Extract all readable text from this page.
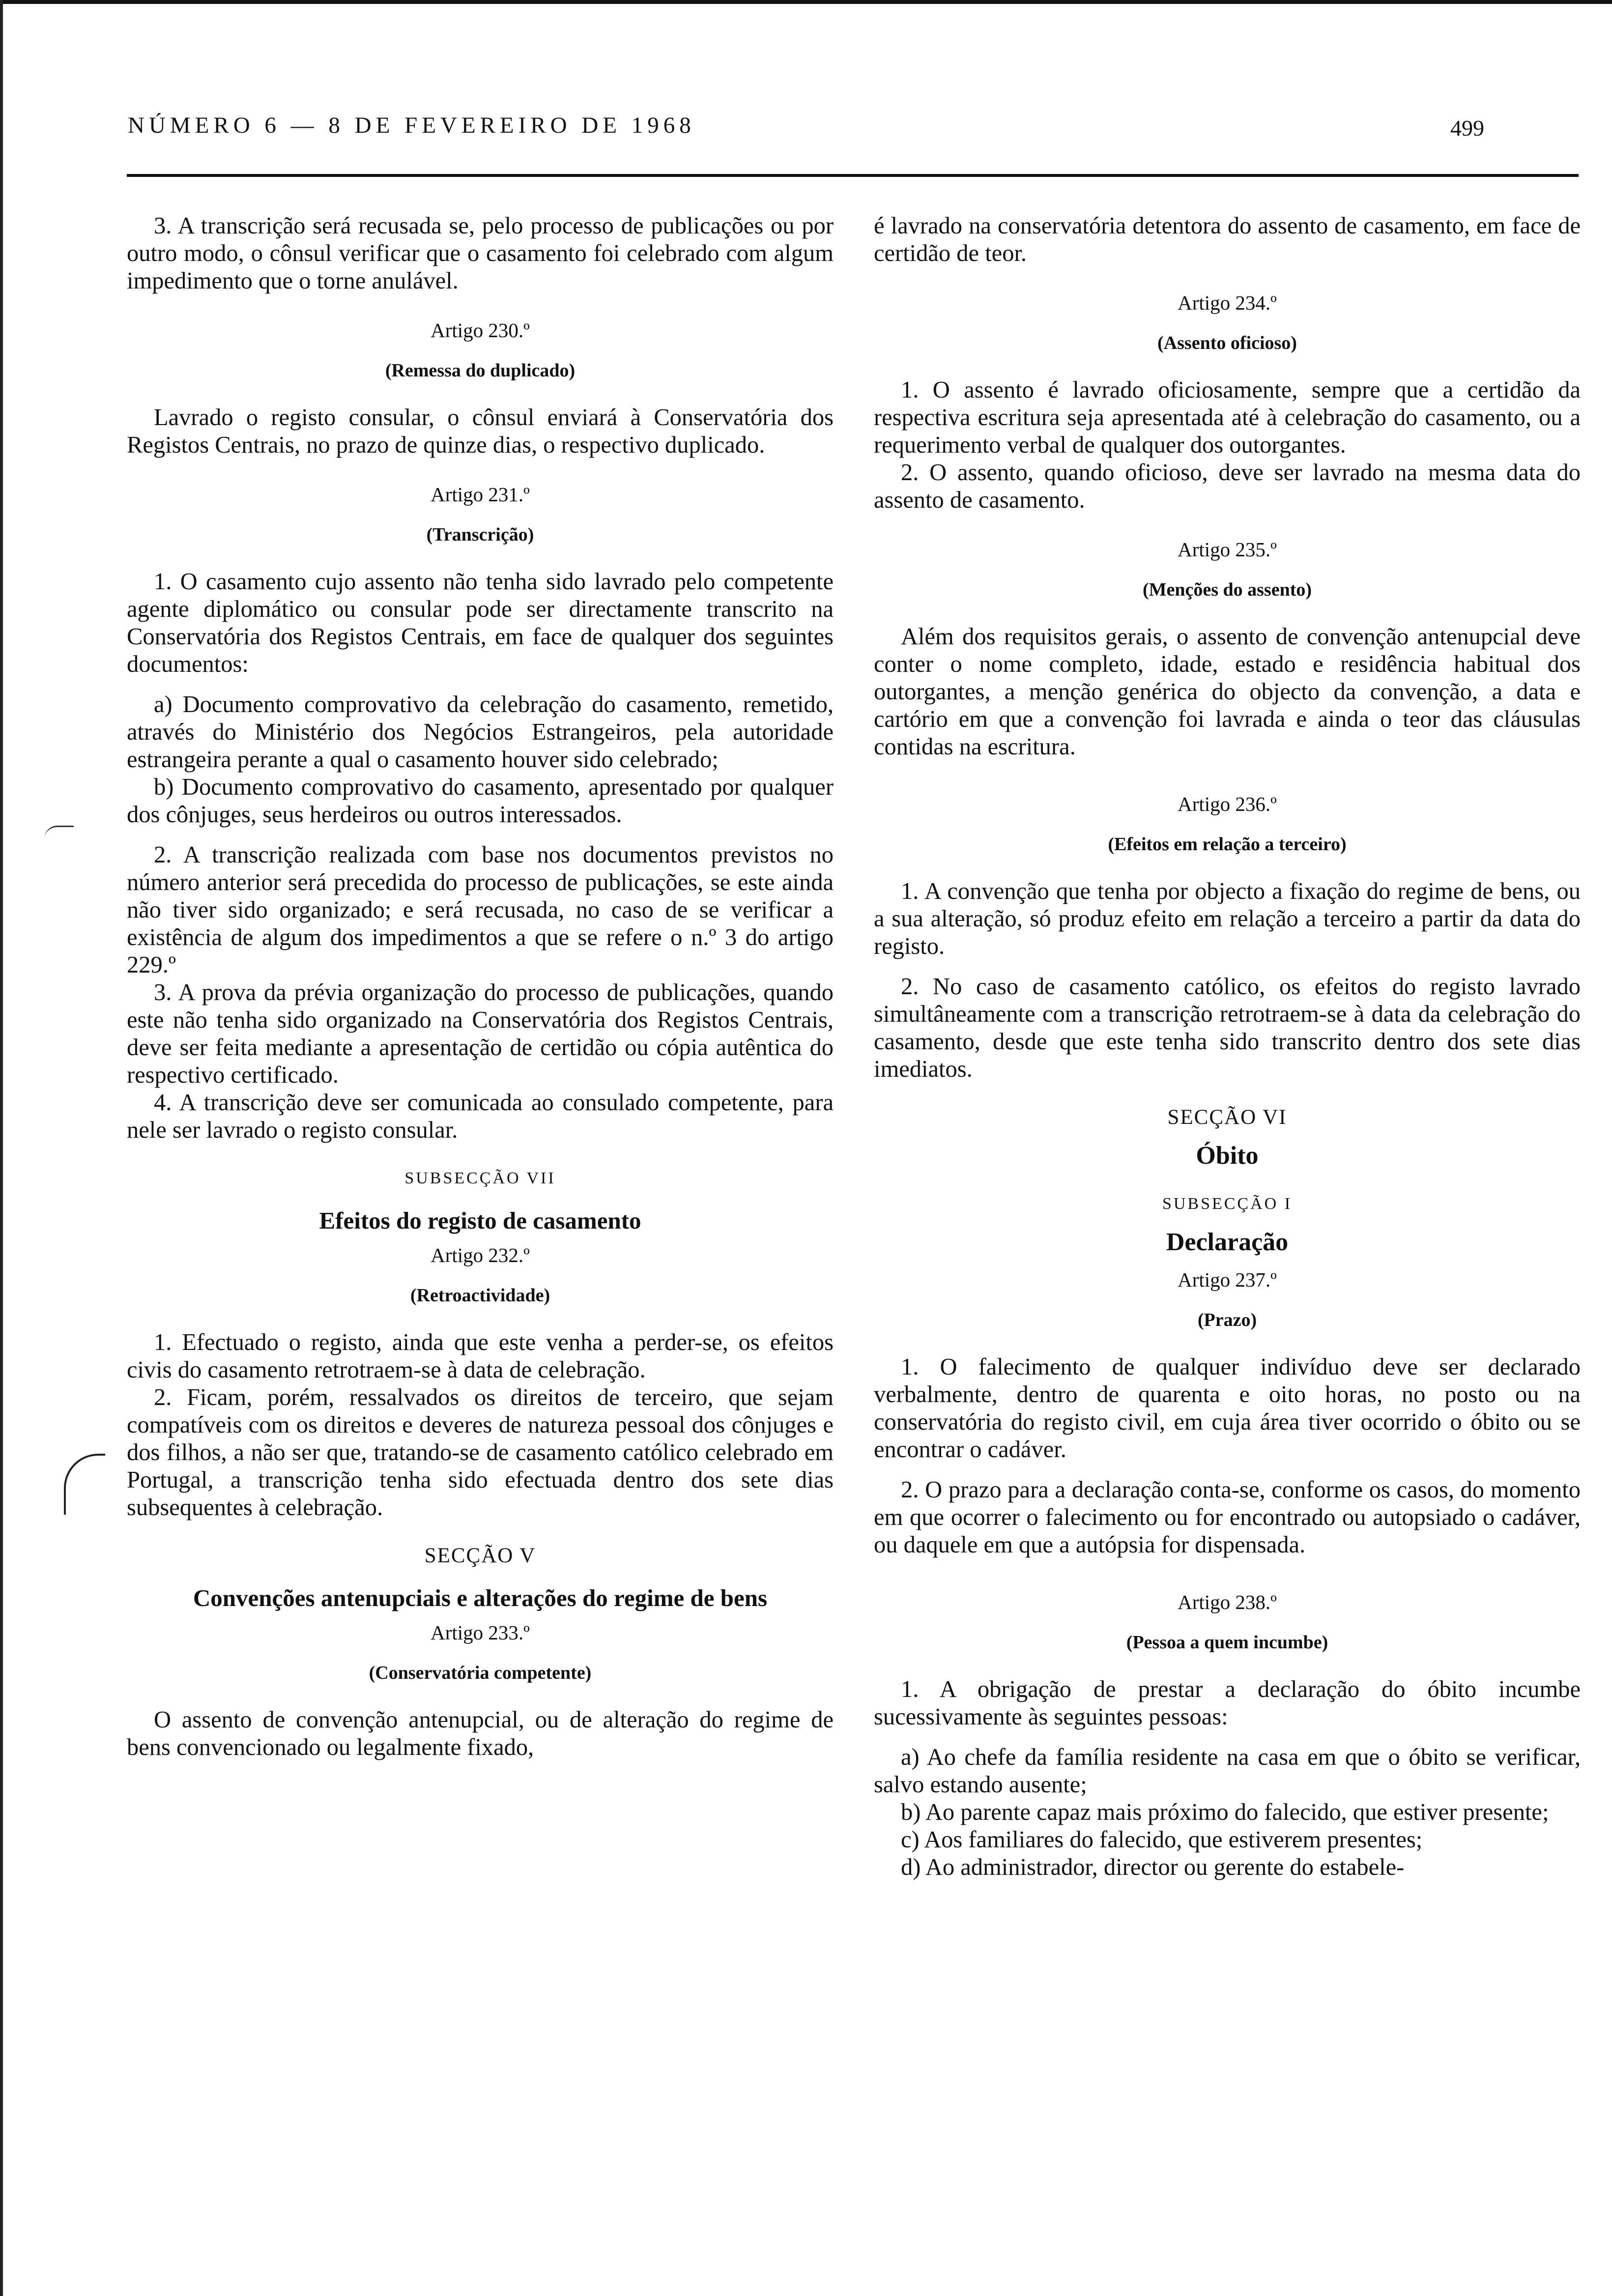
NÚMERO 6 — 8 DE FEVEREIRO DE 1968	499

3. A transcrição será recusada se, pelo processo de publicações ou por outro modo, o cônsul verificar que o casamento foi celebrado com algum impedimento que o torne anulável.

Artigo 230.º
(Remessa do duplicado)

Lavrado o registo consular, o cônsul enviará à Conservatória dos Registos Centrais, no prazo de quinze dias, o respectivo duplicado.

Artigo 231.º
(Transcrição)

1. O casamento cujo assento não tenha sido lavrado pelo competente agente diplomático ou consular pode ser directamente transcrito na Conservatória dos Registos Centrais, em face de qualquer dos seguintes documentos:

a) Documento comprovativo da celebração do casamento, remetido, através do Ministério dos Negócios Estrangeiros, pela autoridade estrangeira perante a qual o casamento houver sido celebrado;

b) Documento comprovativo do casamento, apresentado por qualquer dos cônjuges, seus herdeiros ou outros interessados.

2. A transcrição realizada com base nos documentos previstos no número anterior será precedida do processo de publicações, se este ainda não tiver sido organizado; e será recusada, no caso de se verificar a existência de algum dos impedimentos a que se refere o n.º 3 do artigo 229.º

3. A prova da prévia organização do processo de publicações, quando este não tenha sido organizado na Conservatória dos Registos Centrais, deve ser feita mediante a apresentação de certidão ou cópia autêntica do respectivo certificado.

4. A transcrição deve ser comunicada ao consulado competente, para nele ser lavrado o registo consular.

SUBSECÇÃO VII
Efeitos do registo de casamento
Artigo 232.º
(Retroactividade)

1. Efectuado o registo, ainda que este venha a perder-se, os efeitos civis do casamento retrotraem-se à data de celebração.

2. Ficam, porém, ressalvados os direitos de terceiro, que sejam compatíveis com os direitos e deveres de natureza pessoal dos cônjuges e dos filhos, a não ser que, tratando-se de casamento católico celebrado em Portugal, a transcrição tenha sido efectuada dentro dos sete dias subsequentes à celebração.

SECÇÃO V
Convenções antenupciais e alterações do regime de bens
Artigo 233.º
(Conservatória competente)

O assento de convenção antenupcial, ou de alteração do regime de bens convencionado ou legalmente fixado,

é lavrado na conservatória detentora do assento de casamento, em face de certidão de teor.

Artigo 234.º
(Assento oficioso)

1. O assento é lavrado oficiosamente, sempre que a certidão da respectiva escritura seja apresentada até à celebração do casamento, ou a requerimento verbal de qualquer dos outorgantes.

2. O assento, quando oficioso, deve ser lavrado na mesma data do assento de casamento.

Artigo 235.º
(Menções do assento)

Além dos requisitos gerais, o assento de convenção antenupcial deve conter o nome completo, idade, estado e residência habitual dos outorgantes, a menção genérica do objecto da convenção, a data e cartório em que a convenção foi lavrada e ainda o teor das cláusulas contidas na escritura.

Artigo 236.º
(Efeitos em relação a terceiro)

1. A convenção que tenha por objecto a fixação do regime de bens, ou a sua alteração, só produz efeito em relação a terceiro a partir da data do registo.

2. No caso de casamento católico, os efeitos do registo lavrado simultâneamente com a transcrição retrotraem-se à data da celebração do casamento, desde que este tenha sido transcrito dentro dos sete dias imediatos.

SECÇÃO VI
Óbito
SUBSECÇÃO I
Declaração
Artigo 237.º
(Prazo)

1. O falecimento de qualquer indivíduo deve ser declarado verbalmente, dentro de quarenta e oito horas, no posto ou na conservatória do registo civil, em cuja área tiver ocorrido o óbito ou se encontrar o cadáver.

2. O prazo para a declaração conta-se, conforme os casos, do momento em que ocorrer o falecimento ou for encontrado ou autopsiado o cadáver, ou daquele em que a autópsia for dispensada.

Artigo 238.º
(Pessoa a quem incumbe)

1. A obrigação de prestar a declaração do óbito incumbe sucessivamente às seguintes pessoas:

a) Ao chefe da família residente na casa em que o óbito se verificar, salvo estando ausente;

b) Ao parente capaz mais próximo do falecido, que estiver presente;

c) Aos familiares do falecido, que estiverem presentes;

d) Ao administrador, director ou gerente do estabele-
